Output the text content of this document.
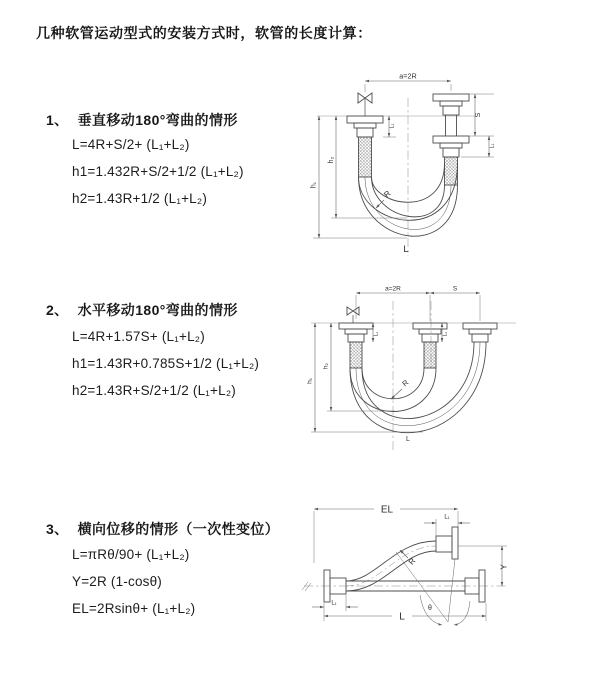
几种软管运动型式的安装方式时，软管的长度计算：
1、 垂直移动180°弯曲的情形
L=4R+S/2+ (L₁+L₂)
h1=1.432R+S/2+1/2 (L₁+L₂)
h2=1.43R+1/2 (L₁+L₂)
2、 水平移动180°弯曲的情形
L=4R+1.57S+ (L₁+L₂)
h1=1.43R+0.785S+1/2 (L₁+L₂)
h2=1.43R+S/2+1/2 (L₁+L₂)
3、 横向位移的情形（一次性变位）
L=πRθ/90+ (L₁+L₂)
Y=2R (1-cosθ)
EL=2Rsinθ+ (L₁+L₂)
a=2R
h₁
h₂
L₁
S
L₁
R
L
a=2R	S
h₁
h₂
L₁	L₁
R
L
θ
R
EL
L₁
Y
L₁
L
